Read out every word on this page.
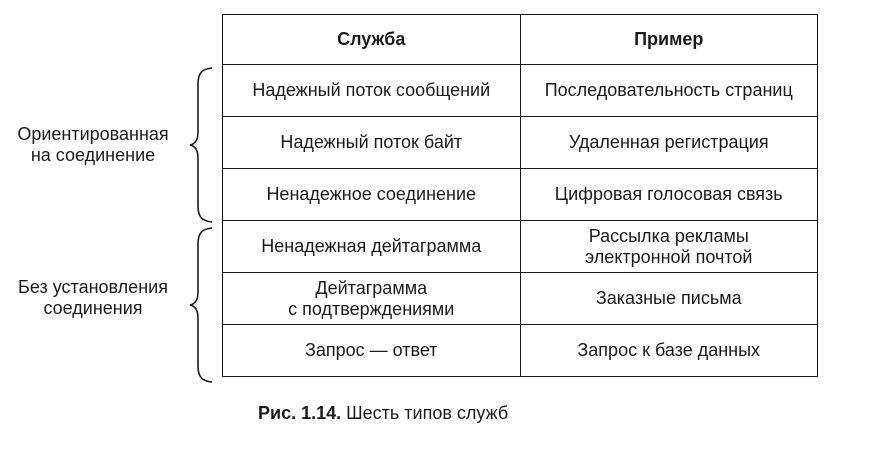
Служба	Пример

Надежный поток сообщений	Последовательность страниц

Надежный поток байт	Удаленная регистрация

Ненадежное соединение	Цифровая голосовая связь

Ненадежная дейтаграмма	Рассылка рекламы
электронной почтой

Дейтаграмма
с подтверждениями	Заказные письма

Запрос — ответ	Запрос к базе данных
Ориентированная
на соединение
Без установления
соединения
Рис. 1.14. Шесть типов служб
